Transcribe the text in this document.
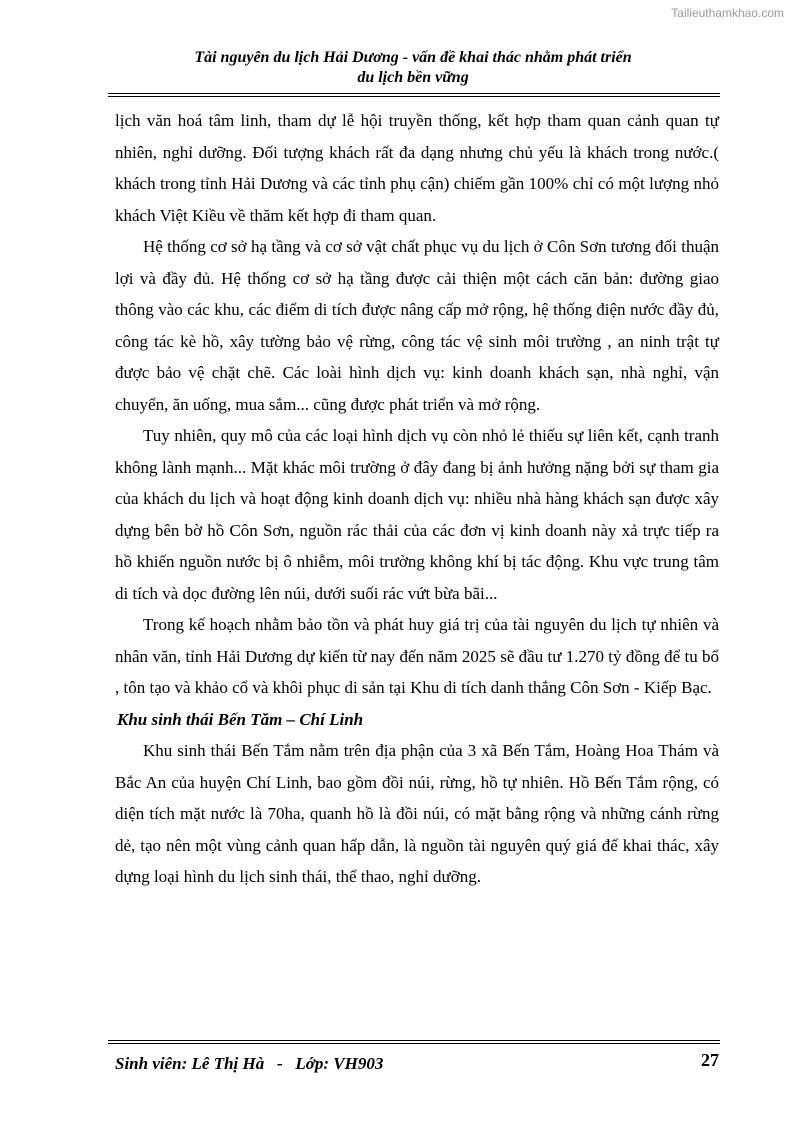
Tailieuthamkhao.com
Tài nguyên du lịch Hải Dương - vấn đề khai thác nhằm phát triển
du lịch bền vững

lịch văn hoá tâm linh, tham dự lễ hội truyền thống, kết hợp tham quan cảnh quan tự nhiên, nghỉ dưỡng. Đối tượng khách rất đa dạng nhưng chủ yếu là khách trong nước.( khách trong tỉnh Hải Dương và các tỉnh phụ cận) chiếm gần 100% chỉ có một lượng nhỏ khách Việt Kiều về thăm kết hợp đi tham quan.

Hệ thống cơ sở hạ tầng và cơ sở vật chất phục vụ du lịch ở Côn Sơn tương đối thuận lợi và đầy đủ. Hệ thống cơ sở hạ tầng được cải thiện một cách căn bản: đường giao thông vào các khu, các điểm di tích được nâng cấp mở rộng, hệ thống điện nước đầy đủ, công tác kè hồ, xây tường bảo vệ rừng, công tác vệ sinh môi trường , an ninh trật tự được bảo vệ chặt chẽ. Các loài hình dịch vụ: kinh doanh khách sạn, nhà nghỉ, vận chuyển, ăn uống, mua sắm... cũng được phát triển và mở rộng.

Tuy nhiên, quy mô của các loại hình dịch vụ còn nhỏ lẻ thiếu sự liên kết, cạnh tranh không lành mạnh... Mặt khác môi trường ở đây đang bị ảnh hưởng nặng bởi sự tham gia của khách du lịch và hoạt động kinh doanh dịch vụ: nhiều nhà hàng khách sạn được xây dựng bên bờ hồ Côn Sơn, nguồn rác thải của các đơn vị kinh doanh này xả trực tiếp ra hồ khiến nguồn nước bị ô nhiễm, môi trường không khí bị tác động. Khu vực trung tâm di tích và dọc đường lên núi, dưới suối rác vứt bừa bãi...

Trong kế hoạch nhằm bảo tồn và phát huy giá trị của tài nguyên du lịch tự nhiên và nhân văn, tỉnh Hải Dương dự kiến từ nay đến năm 2025 sẽ đầu tư 1.270 tỷ đồng để tu bổ , tôn tạo và khảo cổ và khôi phục di sản tại Khu di tích danh thắng Côn Sơn - Kiếp Bạc.

Khu sinh thái Bến Tăm – Chí Linh

Khu sinh thái Bến Tắm nằm trên địa phận của 3 xã Bến Tắm, Hoàng Hoa Thám và Bắc An của huyện Chí Linh, bao gồm đồi núi, rừng, hồ tự nhiên. Hồ Bến Tắm rộng, có diện tích mặt nước là 70ha, quanh hồ là đồi núi, có mặt bằng rộng và những cánh rừng dẻ, tạo nên một vùng cảnh quan hấp dẫn, là nguồn tài nguyên quý giá để khai thác, xây dựng loại hình du lịch sinh thái, thể thao, nghỉ dưỡng.

Sinh viên: Lê Thị Hà   -   Lớp: VH903	27
